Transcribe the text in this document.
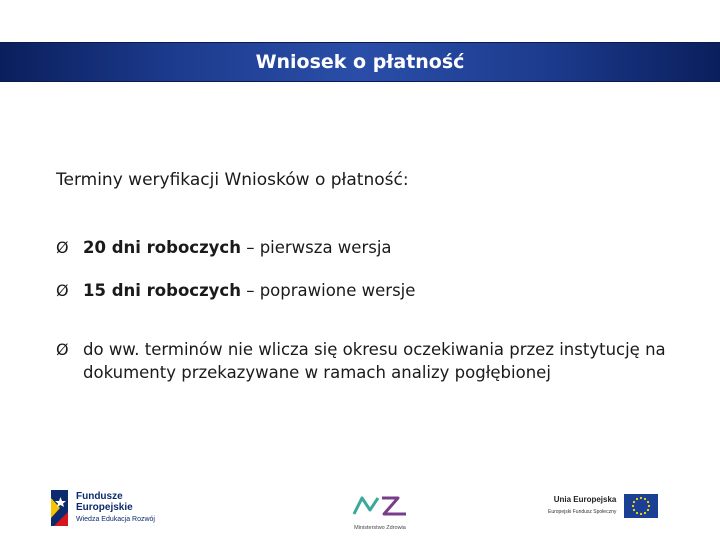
Wniosek o płatność
Terminy weryfikacji Wniosków o płatność:
Ø 20 dni roboczych – pierwsza wersja
Ø 15 dni roboczych – poprawione wersje
Ø do ww. terminów nie wlicza się okresu oczekiwania przez instytucję na dokumenty przekazywane w ramach analizy pogłębionej
Fundusze
Europejskie
Wiedza Edukacja Rozwój
Ministerstwo Zdrowia
Unia Europejska
Europejski Fundusz Społeczny
